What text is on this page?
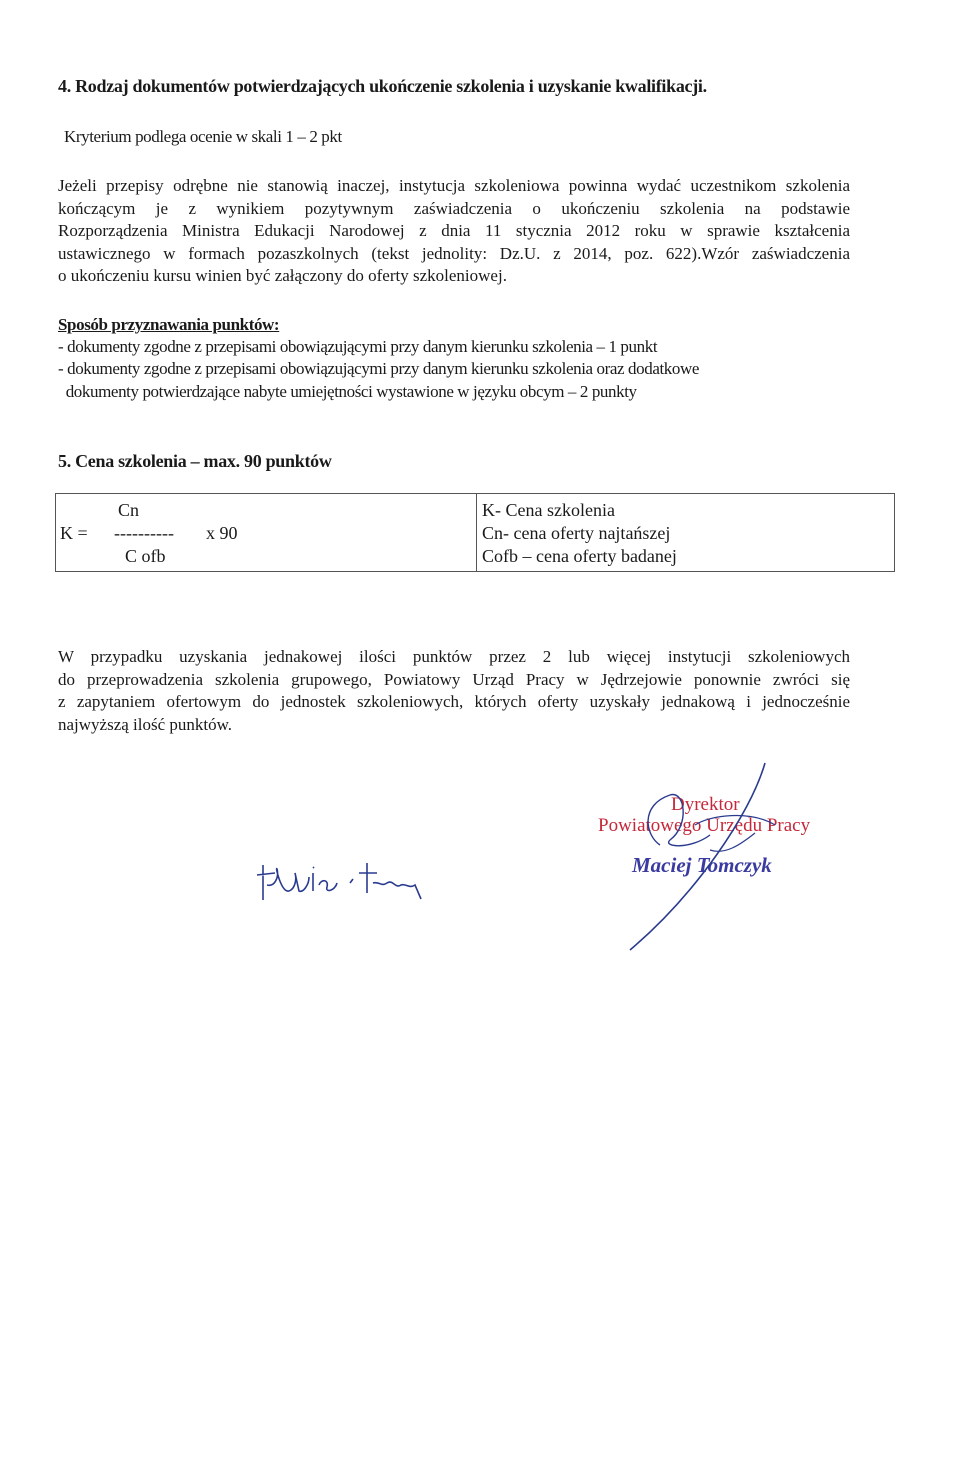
4. Rodzaj dokumentów potwierdzających ukończenie szkolenia i uzyskanie kwalifikacji.
Kryterium podlega ocenie w skali 1 – 2 pkt
Jeżeli przepisy odrębne nie stanowią inaczej, instytucja szkoleniowa powinna wydać uczestnikom szkolenia
kończącym je z wynikiem pozytywnym zaświadczenia o ukończeniu szkolenia na podstawie
Rozporządzenia Ministra Edukacji Narodowej z dnia 11 stycznia 2012 roku w sprawie kształcenia
ustawicznego w formach pozaszkolnych (tekst jednolity: Dz.U. z 2014, poz. 622).Wzór zaświadczenia
o ukończeniu kursu winien być załączony do oferty szkoleniowej.
Sposób przyznawania punktów:
- dokumenty zgodne z przepisami obowiązującymi przy danym kierunku szkolenia – 1 punkt
- dokumenty zgodne z przepisami obowiązującymi przy danym kierunku szkolenia oraz dodatkowe
dokumenty potwierdzające nabyte umiejętności wystawione w języku obcym – 2 punkty
5. Cena szkolenia – max. 90 punktów
Cn
K = ---------- x 90
C ofb
K- Cena szkolenia
Cn- cena oferty najtańszej
Cofb – cena oferty badanej
W przypadku uzyskania jednakowej ilości punktów przez 2 lub więcej instytucji szkoleniowych
do przeprowadzenia szkolenia grupowego, Powiatowy Urząd Pracy w Jędrzejowie ponownie zwróci się
z zapytaniem ofertowym do jednostek szkoleniowych, których oferty uzyskały jednakową i jednocześnie
najwyższą ilość punktów.
Dyrektor
Powiatowego Urzędu Pracy
Maciej Tomczyk
